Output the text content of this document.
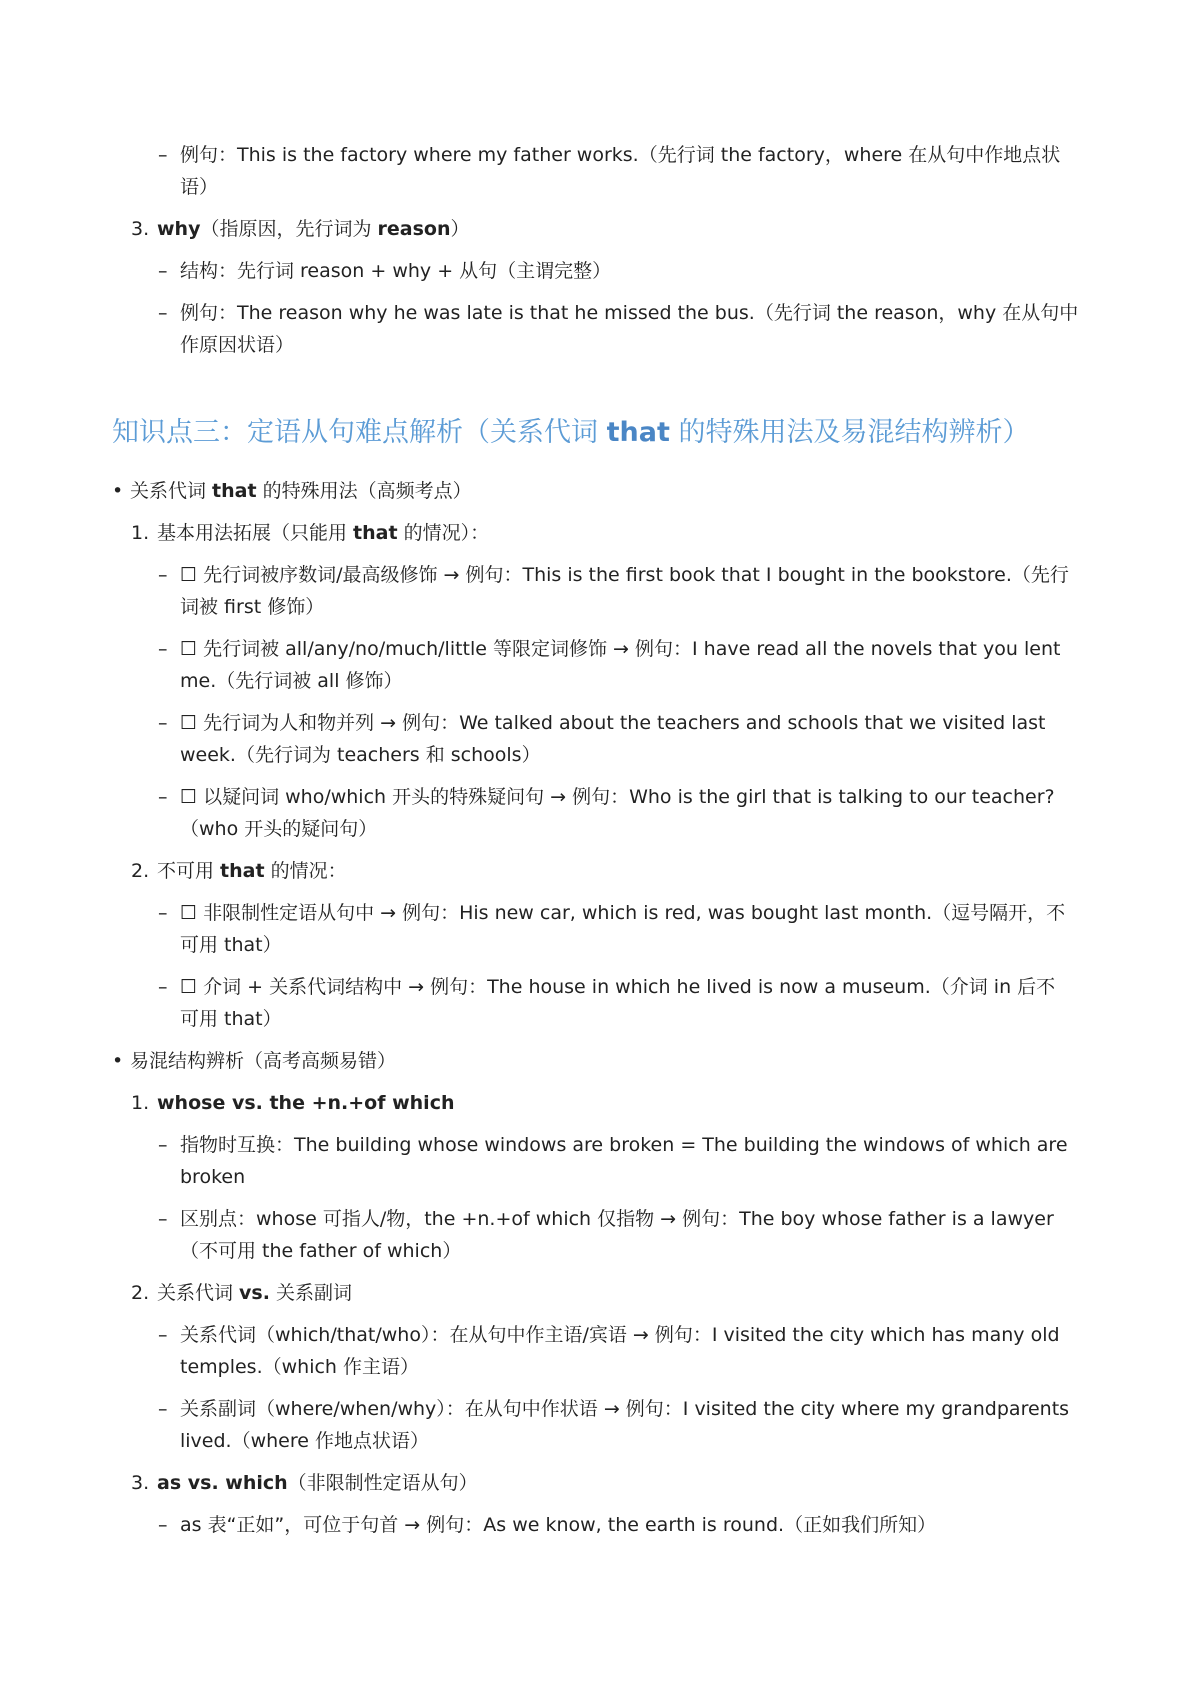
– 例句：This is the factory where my father works.（先行词 the factory，where 在从句中作地点状

语）

3. why（指原因，先行词为 reason）

– 结构：先行词 reason + why + 从句（主谓完整）

– 例句：The reason why he was late is that he missed the bus.（先行词 the reason，why 在从句中

作原因状语）

知识点三：定语从句难点解析（关系代词 that 的特殊用法及易混结构辨析）
• 关系代词 that 的特殊用法（高频考点）

1. 基本用法拓展（只能用 that 的情况）：

– ☐ 先行词被序数词/最高级修饰 → 例句：This is the first book that I bought in the bookstore.（先行

词被 first 修饰）

– ☐ 先行词被 all/any/no/much/little 等限定词修饰 → 例句：I have read all the novels that you lent

me.（先行词被 all 修饰）

– ☐ 先行词为人和物并列 → 例句：We talked about the teachers and schools that we visited last

week.（先行词为 teachers 和 schools）

– ☐ 以疑问词 who/which 开头的特殊疑问句 → 例句：Who is the girl that is talking to our teacher?

（who 开头的疑问句）

2. 不可用 that 的情况：

– ☐ 非限制性定语从句中 → 例句：His new car, which is red, was bought last month.（逗号隔开，不

可用 that）

– ☐ 介词 + 关系代词结构中 → 例句：The house in which he lived is now a museum.（介词 in 后不

可用 that）

• 易混结构辨析（高考高频易错）

1. whose vs. the +n.+of which

– 指物时互换：The building whose windows are broken = The building the windows of which are

broken

– 区别点：whose 可指人/物，the +n.+of which 仅指物 → 例句：The boy whose father is a lawyer

（不可用 the father of which）

2. 关系代词 vs. 关系副词

– 关系代词（which/that/who）：在从句中作主语/宾语 → 例句：I visited the city which has many old

temples.（which 作主语）

– 关系副词（where/when/why）：在从句中作状语 → 例句：I visited the city where my grandparents

lived.（where 作地点状语）

3. as vs. which（非限制性定语从句）

– as 表“正如”，可位于句首 → 例句：As we know, the earth is round.（正如我们所知）
